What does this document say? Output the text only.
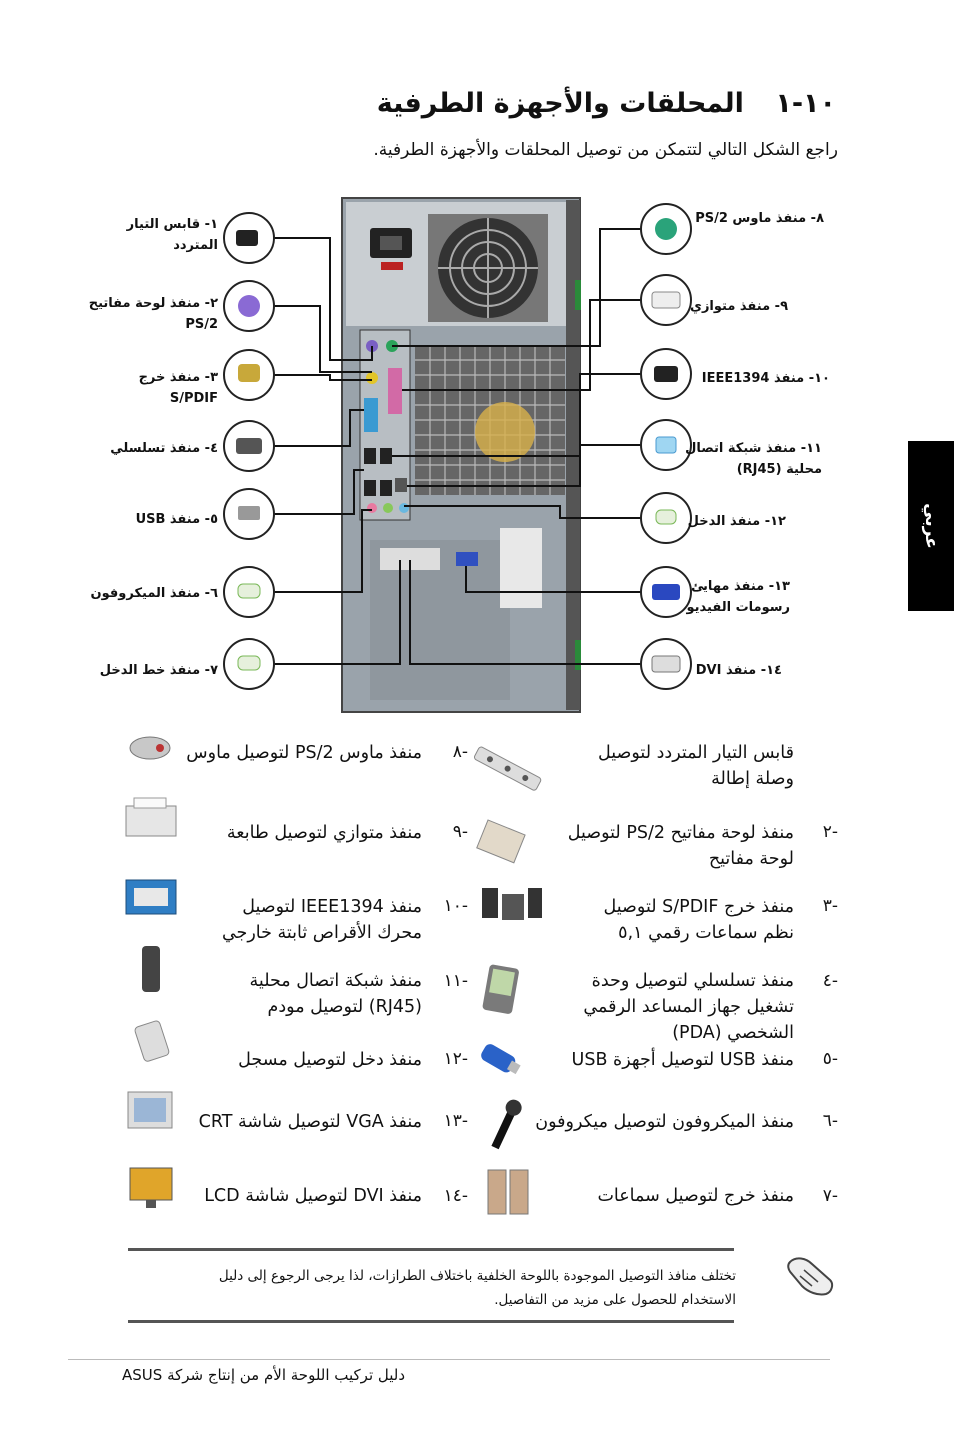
١٠-١ المحلقات والأجهزة الطرفية
راجع الشكل التالي لتتمكن من توصيل المحلقات والأجهزة الطرفية.
عربي
١- قابس التيار
المتردد
٢- منفذ لوحة مفاتيح
PS/2
٣- منفذ خرج
S/PDIF
٤- منفذ تسلسلي
٥- منفذ USB
٦- منفذ الميكروفون
٧- منفذ خط الدخل
٨- منفذ ماوس PS/2
٩- منفذ متوازي
١٠- منفذ IEEE1394
١١- منفذ شبكة اتصال
محلية (RJ45)
١٢- منفذ الدخل
١٣- منفذ مهايئ
رسومات الفيديو
١٤- منفذ DVI
قابس التيار المتردد لتوصيل
وصلة إطالة
-٢
منفذ لوحة مفاتيح PS/2 لتوصيل
لوحة مفاتيح
-٣
منفذ خرج S/PDIF لتوصيل
نظم سماعات رقمي ٥,١
-٤
منفذ تسلسلي لتوصيل وحدة
تشغيل جهاز المساعد الرقمي
الشخصي (PDA)
-٥
منفذ USB لتوصيل أجهزة USB
-٦
منفذ الميكروفون لتوصيل ميكروفون
-٧
منفذ خرج لتوصيل سماعات
-٨
منفذ ماوس PS/2 لتوصيل ماوس
-٩
منفذ متوازي لتوصيل طابعة
-١٠
منفذ IEEE1394 لتوصيل
محرك الأقراص ثابتة خارجي
-١١
منفذ شبكة اتصال محلية
(RJ45) لتوصيل مودم
-١٢
منفذ دخل لتوصيل مسجل
-١٣
منفذ VGA لتوصيل شاشة CRT
-١٤
منفذ DVI لتوصيل شاشة LCD
تختلف منافذ التوصيل الموجودة باللوحة الخلفية باختلاف الطرازات، لذا يرجى الرجوع إلى دليل
الاستخدام للحصول على مزيد من التفاصيل.
دليل تركيب اللوحة الأم من إنتاج شركة ASUS
